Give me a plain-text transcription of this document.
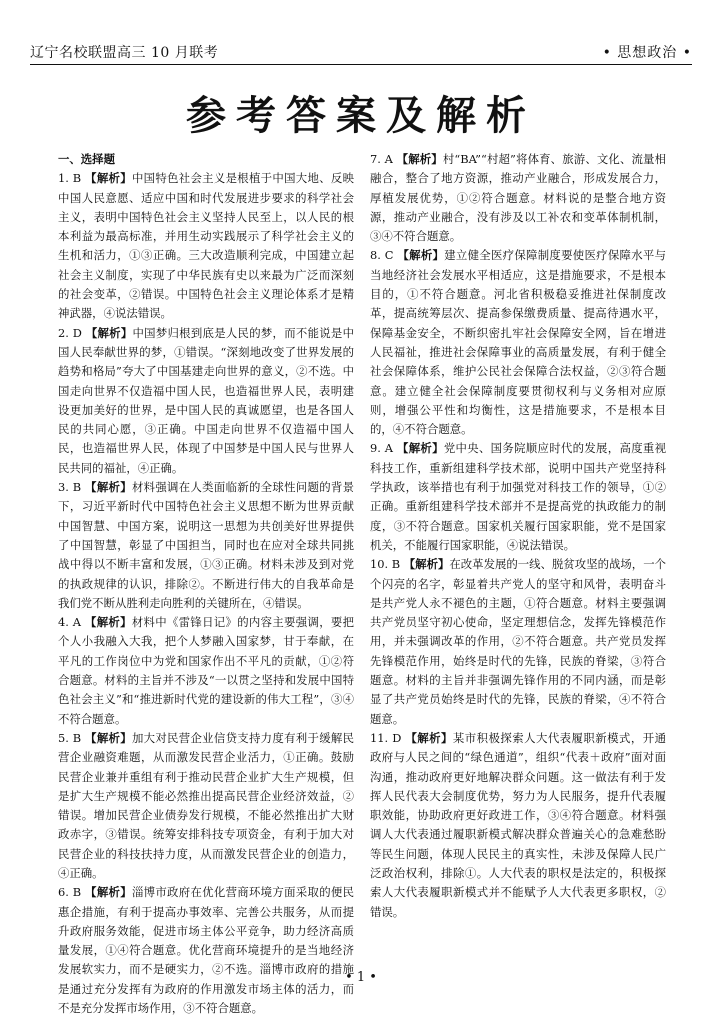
辽宁名校联盟高三 10 月联考	• 思想政治 •
参考答案及解析

一、选择题

1. B 【解析】中国特色社会主义是根植于中国大地、反映中国人民意愿、适应中国和时代发展进步要求的科学社会主义，表明中国特色社会主义坚持人民至上，以人民的根本利益为最高标准，并用生动实践展示了科学社会主义的生机和活力，①③正确。三大改造顺利完成，中国建立起社会主义制度，实现了中华民族有史以来最为广泛而深刻的社会变革，②错误。中国特色社会主义理论体系才是精神武器，④说法错误。
2. D 【解析】中国梦归根到底是人民的梦，而不能说是中国人民奉献世界的梦，①错误。“深刻地改变了世界发展的趋势和格局”夸大了中国基建走向世界的意义，②不选。中国走向世界不仅造福中国人民，也造福世界人民，表明建设更加美好的世界，是中国人民的真诚愿望，也是各国人民的共同心愿，③正确。中国走向世界不仅造福中国人民，也造福世界人民，体现了中国梦是中国人民与世界人民共同的福祉，④正确。
3. B 【解析】材料强调在人类面临新的全球性问题的背景下，习近平新时代中国特色社会主义思想不断为世界贡献中国智慧、中国方案，说明这一思想为共创美好世界提供了中国智慧，彰显了中国担当，同时也在应对全球共同挑战中得以不断丰富和发展，①③正确。材料未涉及到对党的执政规律的认识，排除②。不断进行伟大的自我革命是我们党不断从胜利走向胜利的关键所在，④错误。
4. A 【解析】材料中《雷锋日记》的内容主要强调，要把个人小我融入大我，把个人梦融入国家梦，甘于奉献，在平凡的工作岗位中为党和国家作出不平凡的贡献，①②符合题意。材料的主旨并不涉及“一以贯之坚持和发展中国特色社会主义”和“推进新时代党的建设新的伟大工程”，③④不符合题意。
5. B 【解析】加大对民营企业信贷支持力度有利于缓解民营企业融资难题，从而激发民营企业活力，①正确。鼓励民营企业兼并重组有利于推动民营企业扩大生产规模，但是扩大生产规模不能必然推出提高民营企业经济效益，②错误。增加民营企业债券发行规模，不能必然推出扩大财政赤字，③错误。统筹安排科技专项资金，有利于加大对民营企业的科技扶持力度，从而激发民营企业的创造力，④正确。
6. B 【解析】淄博市政府在优化营商环境方面采取的便民惠企措施，有利于提高办事效率、完善公共服务，从而提升政府服务效能，促进市场主体公平竞争，助力经济高质量发展，①④符合题意。优化营商环境提升的是当地经济发展软实力，而不是硬实力，②不选。淄博市政府的措施是通过充分发挥有为政府的作用激发市场主体的活力，而不是充分发挥市场作用，③不符合题意。
7. A 【解析】村“BA”“村超”将体育、旅游、文化、流量相融合，整合了地方资源，推动产业融合，形成发展合力，厚植发展优势，①②符合题意。材料说的是整合地方资源，推动产业融合，没有涉及以工补农和变革体制机制，③④不符合题意。
8. C 【解析】建立健全医疗保障制度要使医疗保障水平与当地经济社会发展水平相适应，这是措施要求，不是根本目的，①不符合题意。河北省积极稳妥推进社保制度改革，提高统筹层次、提高参保缴费质量、提高待遇水平，保障基金安全，不断织密扎牢社会保障安全网，旨在增进人民福祉，推进社会保障事业的高质量发展，有利于健全社会保障体系，维护公民社会保障合法权益，②③符合题意。建立健全社会保障制度要贯彻权利与义务相对应原则，增强公平性和均衡性，这是措施要求，不是根本目的，④不符合题意。
9. A 【解析】党中央、国务院顺应时代的发展，高度重视科技工作，重新组建科学技术部，说明中国共产党坚持科学执政，该举措也有利于加强党对科技工作的领导，①②正确。重新组建科学技术部并不是提高党的执政能力的制度，③不符合题意。国家机关履行国家职能，党不是国家机关，不能履行国家职能，④说法错误。
10. B 【解析】在改革发展的一线、脱贫攻坚的战场，一个个闪亮的名字，彰显着共产党人的坚守和风骨，表明奋斗是共产党人永不褪色的主题，①符合题意。材料主要强调共产党员坚守初心使命，坚定理想信念，发挥先锋模范作用，并未强调改革的作用，②不符合题意。共产党员发挥先锋模范作用，始终是时代的先锋，民族的脊梁，③符合题意。材料的主旨并非强调先锋作用的不同内涵，而是彰显了共产党员始终是时代的先锋，民族的脊梁，④不符合题意。
11. D 【解析】某市积极探索人大代表履职新模式，开通政府与人民之间的“绿色通道”，组织“代表＋政府”面对面沟通，推动政府更好地解决群众问题。这一做法有利于发挥人民代表大会制度优势，努力为人民服务，提升代表履职效能，协助政府更好政进工作，③④符合题意。材料强调人大代表通过履职新模式解决群众普遍关心的急难愁盼等民生问题，体现人民民主的真实性，未涉及保障人民广泛政治权利，排除①。人大代表的职权是法定的，积极探索人大代表履职新模式并不能赋予人大代表更多职权，②错误。
• 1 •
